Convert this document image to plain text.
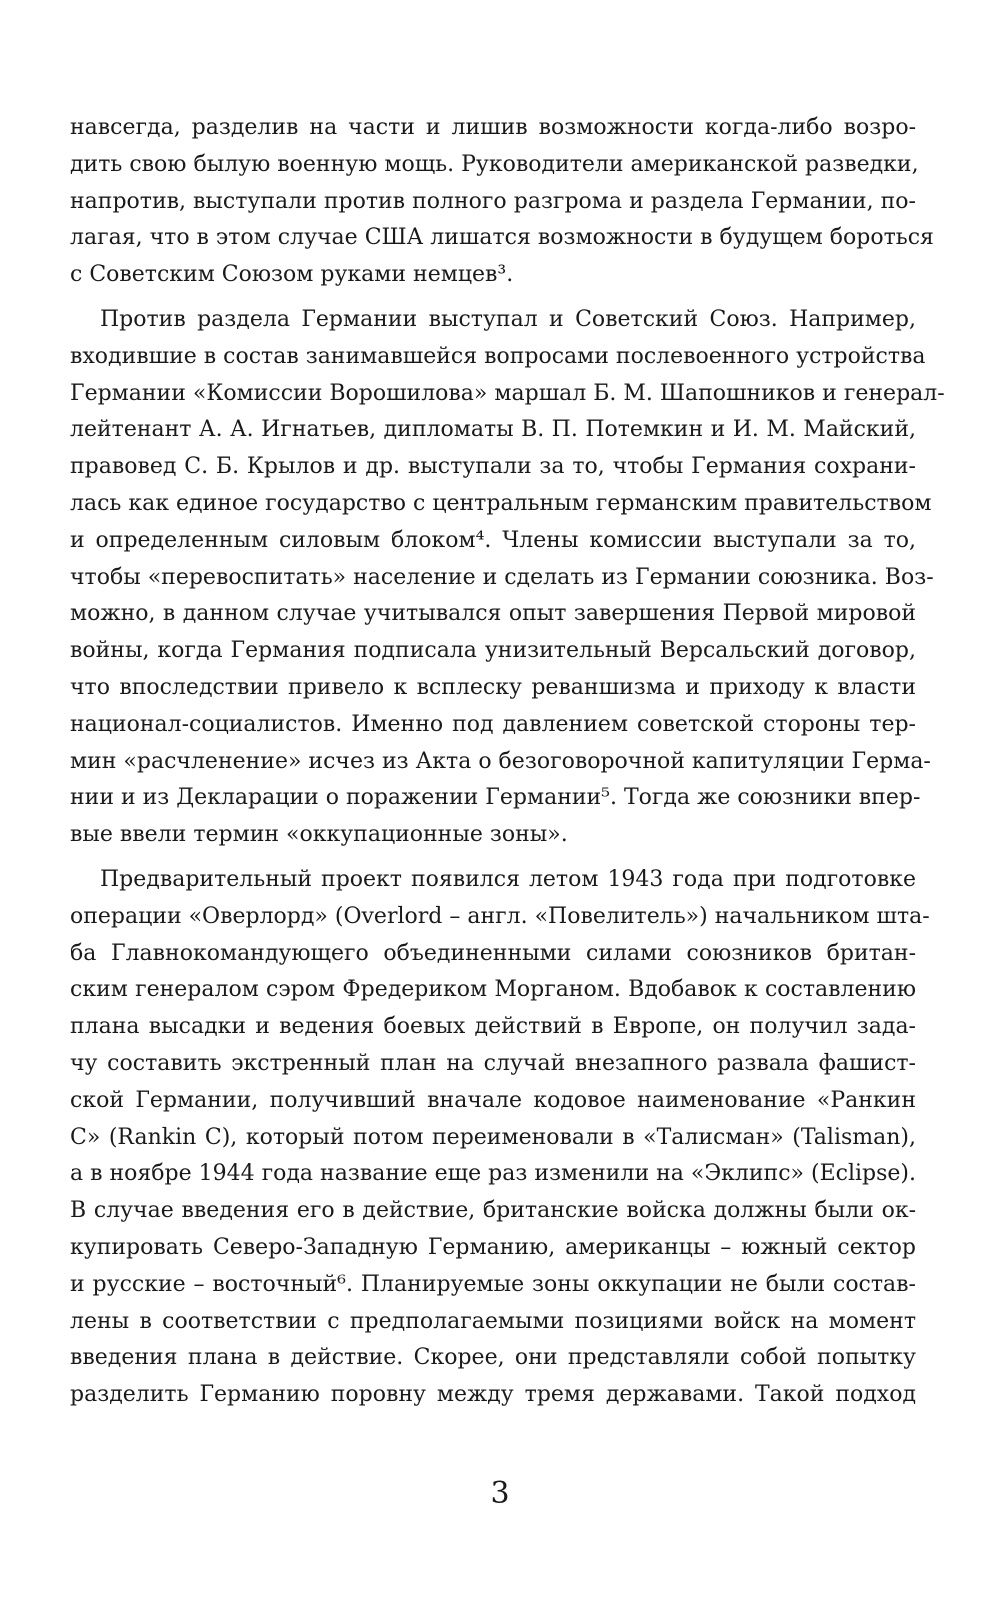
навсегда, разделив на части и лишив возможности когда-либо возро-
дить свою былую военную мощь. Руководители американской разведки,
напротив, выступали против полного разгрома и раздела Германии, по-
лагая, что в этом случае США лишатся возможности в будущем бороться
с Советским Союзом руками немцев³.
Против раздела Германии выступал и Советский Союз. Например,
входившие в состав занимавшейся вопросами послевоенного устройства
Германии «Комиссии Ворошилова» маршал Б. М. Шапошников и генерал-
лейтенант А. А. Игнатьев, дипломаты В. П. Потемкин и И. М. Майский,
правовед С. Б. Крылов и др. выступали за то, чтобы Германия сохрани-
лась как единое государство с центральным германским правительством
и определенным силовым блоком⁴. Члены комиссии выступали за то,
чтобы «перевоспитать» население и сделать из Германии союзника. Воз-
можно, в данном случае учитывался опыт завершения Первой мировой
войны, когда Германия подписала унизительный Версальский договор,
что впоследствии привело к всплеску реваншизма и приходу к власти
национал-социалистов. Именно под давлением советской стороны тер-
мин «расчленение» исчез из Акта о безоговорочной капитуляции Герма-
нии и из Декларации о поражении Германии⁵. Тогда же союзники впер-
вые ввели термин «оккупационные зоны».
Предварительный проект появился летом 1943 года при подготовке
операции «Оверлорд» (Overlord – англ. «Повелитель») начальником шта-
ба Главнокомандующего объединенными силами союзников британ-
ским генералом сэром Фредериком Морганом. Вдобавок к составлению
плана высадки и ведения боевых действий в Европе, он получил зада-
чу составить экстренный план на случай внезапного развала фашист-
ской Германии, получивший вначале кодовое наименование «Ранкин
С» (Rankin C), который потом переименовали в «Талисман» (Talisman),
а в ноябре 1944 года название еще раз изменили на «Эклипс» (Eclipse).
В случае введения его в действие, британские войска должны были ок-
купировать Северо-Западную Германию, американцы – южный сектор
и русские – восточный⁶. Планируемые зоны оккупации не были состав-
лены в соответствии с предполагаемыми позициями войск на момент
введения плана в действие. Скорее, они представляли собой попытку
разделить Германию поровну между тремя державами. Такой подход
3
